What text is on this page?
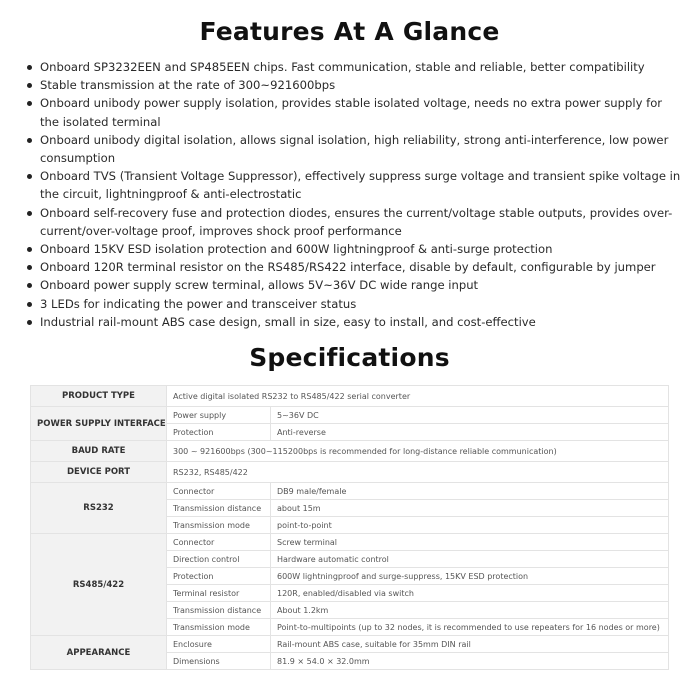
Features At A Glance
Onboard SP3232EEN and SP485EEN chips. Fast communication, stable and reliable, better compatibility
Stable transmission at the rate of 300~921600bps
Onboard unibody power supply isolation, provides stable isolated voltage, needs no extra power supply for the isolated terminal
Onboard unibody digital isolation, allows signal isolation, high reliability, strong anti-interference, low power consumption
Onboard TVS (Transient Voltage Suppressor), effectively suppress surge voltage and transient spike voltage in the circuit, lightningproof & anti-electrostatic
Onboard self-recovery fuse and protection diodes, ensures the current/voltage stable outputs, provides over-current/over-voltage proof, improves shock proof performance
Onboard 15KV ESD isolation protection and 600W lightningproof & anti-surge protection
Onboard 120R terminal resistor on the RS485/RS422 interface, disable by default, configurable by jumper
Onboard power supply screw terminal, allows 5V~36V DC wide range input
3 LEDs for indicating the power and transceiver status
Industrial rail-mount ABS case design, small in size, easy to install, and cost-effective
Specifications
PRODUCT TYPE	Active digital isolated RS232 to RS485/422 serial converter	
POWER SUPPLY INTERFACE	Power supply	5~36V DC
	Protection	Anti-reverse
BAUD RATE	300 ~ 921600bps (300~115200bps is recommended for long-distance reliable communication)	
DEVICE PORT	RS232, RS485/422	
RS232	Connector	DB9 male/female
	Transmission distance	about 15m
	Transmission mode	point-to-point
RS485/422	Connector	Screw terminal
	Direction control	Hardware automatic control
	Protection	600W lightningproof and surge-suppress, 15KV ESD protection
	Terminal resistor	120R, enabled/disabled via switch
	Transmission distance	About 1.2km
	Transmission mode	Point-to-multipoints (up to 32 nodes, it is recommended to use repeaters for 16 nodes or more)
APPEARANCE	Enclosure	Rail-mount ABS case, suitable for 35mm DIN rail
	Dimensions	81.9 × 54.0 × 32.0mm
